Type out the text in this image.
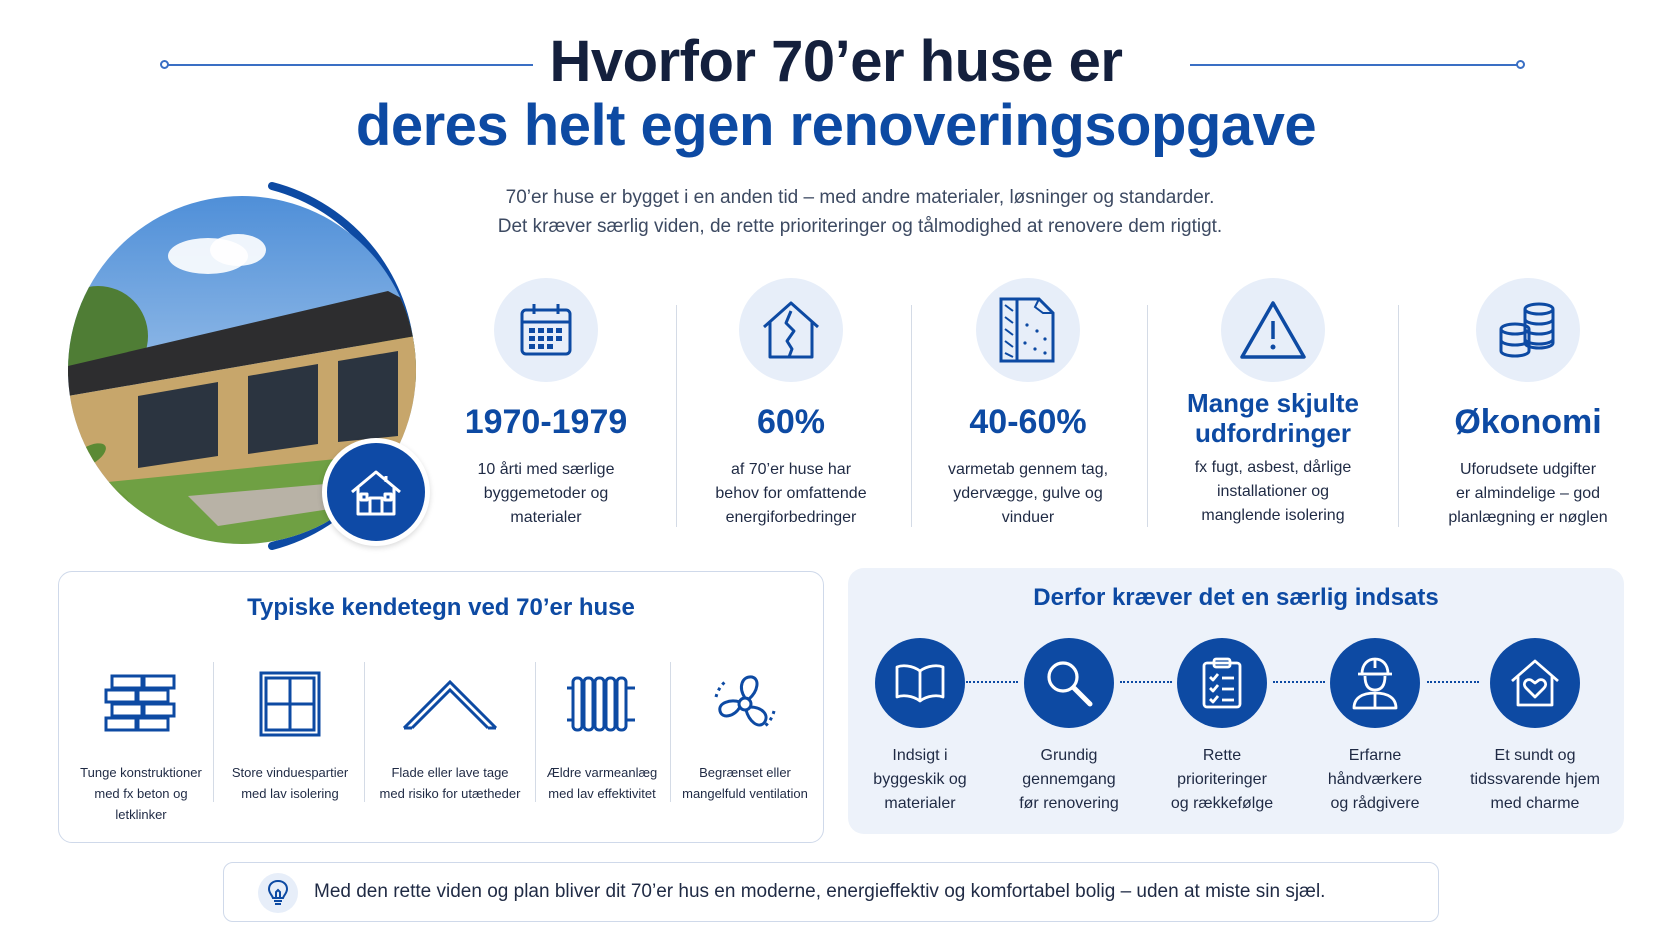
Hvorfor 70’er huse er
deres helt egen renoveringsopgave
70’er huse er bygget i en anden tid – med andre materialer, løsninger og standarder.
Det kræver særlig viden, de rette prioriteringer og tålmodighed at renovere dem rigtigt.
1970-1979
10 årti med særlige
byggemetoder og
materialer
60%
af 70’er huse har
behov for omfattende
energiforbedringer
40-60%
varmetab gennem tag,
ydervægge, gulve og
vinduer
Mange skjulte
udfordringer
fx fugt, asbest, dårlige
installationer og
manglende isolering
Økonomi
Uforudsete udgifter
er almindelige – god
planlægning er nøglen
Typiske kendetegn ved 70’er huse
Tunge konstruktioner
med fx beton og
letklinker
Store vinduespartier
med lav isolering
Flade eller lave tage
med risiko for utætheder
Ældre varmeanlæg
med lav effektivitet
Begrænset eller
mangelfuld ventilation
Derfor kræver det en særlig indsats
Indsigt i
byggeskik og
materialer
Grundig
gennemgang
før renovering
Rette
prioriteringer
og rækkefølge
Erfarne
håndværkere
og rådgivere
Et sundt og
tidssvarende hjem
med charme
Med den rette viden og plan bliver dit 70’er hus en moderne, energieffektiv og komfortabel bolig – uden at miste sin sjæl.
